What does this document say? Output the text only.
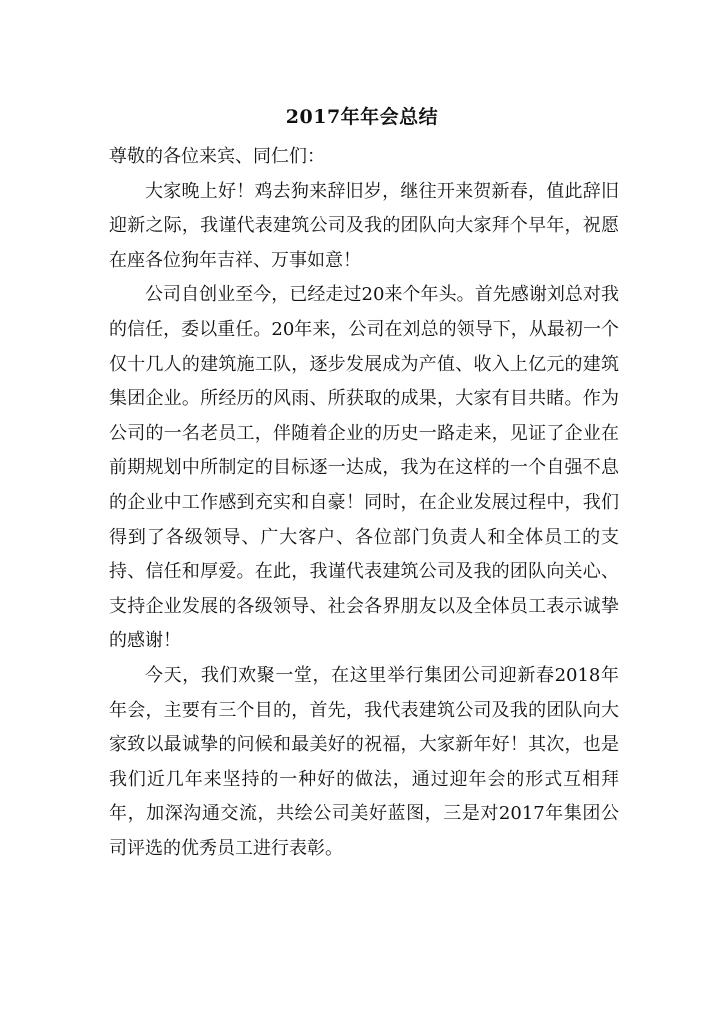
2017年年会总结

尊敬的各位来宾、同仁们：

大家晚上好！鸡去狗来辞旧岁，继往开来贺新春，值此辞旧迎新之际，我谨代表建筑公司及我的团队向大家拜个早年，祝愿在座各位狗年吉祥、万事如意！

公司自创业至今，已经走过20来个年头。首先感谢刘总对我的信任，委以重任。20年来，公司在刘总的领导下，从最初一个仅十几人的建筑施工队，逐步发展成为产值、收入上亿元的建筑集团企业。所经历的风雨、所获取的成果，大家有目共睹。作为公司的一名老员工，伴随着企业的历史一路走来，见证了企业在前期规划中所制定的目标逐一达成，我为在这样的一个自强不息的企业中工作感到充实和自豪！同时，在企业发展过程中，我们得到了各级领导、广大客户、各位部门负责人和全体员工的支持、信任和厚爱。在此，我谨代表建筑公司及我的团队向关心、支持企业发展的各级领导、社会各界朋友以及全体员工表示诚挚的感谢！

今天，我们欢聚一堂，在这里举行集团公司迎新春2018年年会，主要有三个目的，首先，我代表建筑公司及我的团队向大家致以最诚挚的问候和最美好的祝福，大家新年好！其次，也是我们近几年来坚持的一种好的做法，通过迎年会的形式互相拜年，加深沟通交流，共绘公司美好蓝图，三是对2017年集团公司评选的优秀员工进行表彰。
